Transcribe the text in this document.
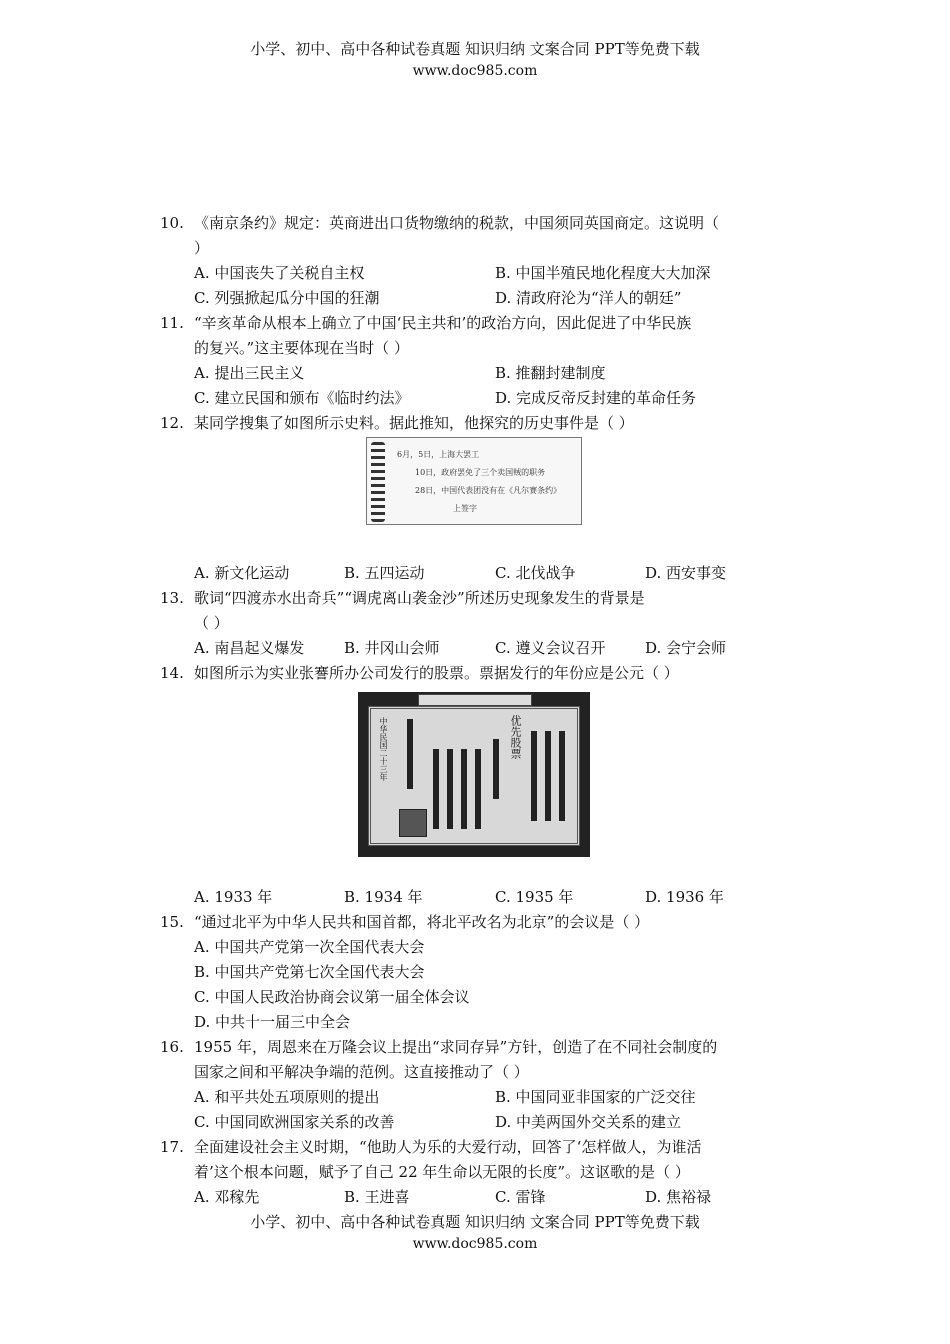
小学、初中、高中各种试卷真题 知识归纳 文案合同 PPT等免费下载
www.doc985.com
10. 《南京条约》规定：英商进出口货物缴纳的税款，中国须同英国商定。这说明（
）
A. 中国丧失了关税自主权	B. 中国半殖民地化程度大大加深
C. 列强掀起瓜分中国的狂潮	D. 清政府沦为“洋人的朝廷”
11. “辛亥革命从根本上确立了中国‘民主共和’的政治方向，因此促进了中华民族
的复兴。”这主要体现在当时（ ）
A. 提出三民主义	B. 推翻封建制度
C. 建立民国和颁布《临时约法》	D. 完成反帝反封建的革命任务
12. 某同学搜集了如图所示史料。据此推知，他探究的历史事件是（ ）
6月，5日，上海大罢工
10日，政府罢免了三个卖国贼的职务
28日，中国代表团没有在《凡尔赛条约》
上签字
A. 新文化运动	B. 五四运动	C. 北伐战争	D. 西安事变
13. 歌词“四渡赤水出奇兵”“调虎离山袭金沙”所述历史现象发生的背景是
（ ）
A. 南昌起义爆发	B. 井冈山会师	C. 遵义会议召开	D. 会宁会师
14. 如图所示为实业张謇所办公司发行的股票。票据发行的年份应是公元（ ）
优先股票
中华民国二十三年
A. 1933 年	B. 1934 年	C. 1935 年	D. 1936 年
15. “通过北平为中华人民共和国首都，将北平改名为北京”的会议是（ ）
A. 中国共产党第一次全国代表大会
B. 中国共产党第七次全国代表大会
C. 中国人民政治协商会议第一届全体会议
D. 中共十一届三中全会
16. 1955 年，周恩来在万隆会议上提出“求同存异”方针，创造了在不同社会制度的
国家之间和平解决争端的范例。这直接推动了（ ）
A. 和平共处五项原则的提出	B. 中国同亚非国家的广泛交往
C. 中国同欧洲国家关系的改善	D. 中美两国外交关系的建立
17. 全面建设社会主义时期，“他助人为乐的大爱行动，回答了‘怎样做人，为谁活
着’这个根本问题，赋予了自己 22 年生命以无限的长度”。这讴歌的是（ ）
A. 邓稼先	B. 王进喜	C. 雷锋	D. 焦裕禄
小学、初中、高中各种试卷真题 知识归纳 文案合同 PPT等免费下载
www.doc985.com
